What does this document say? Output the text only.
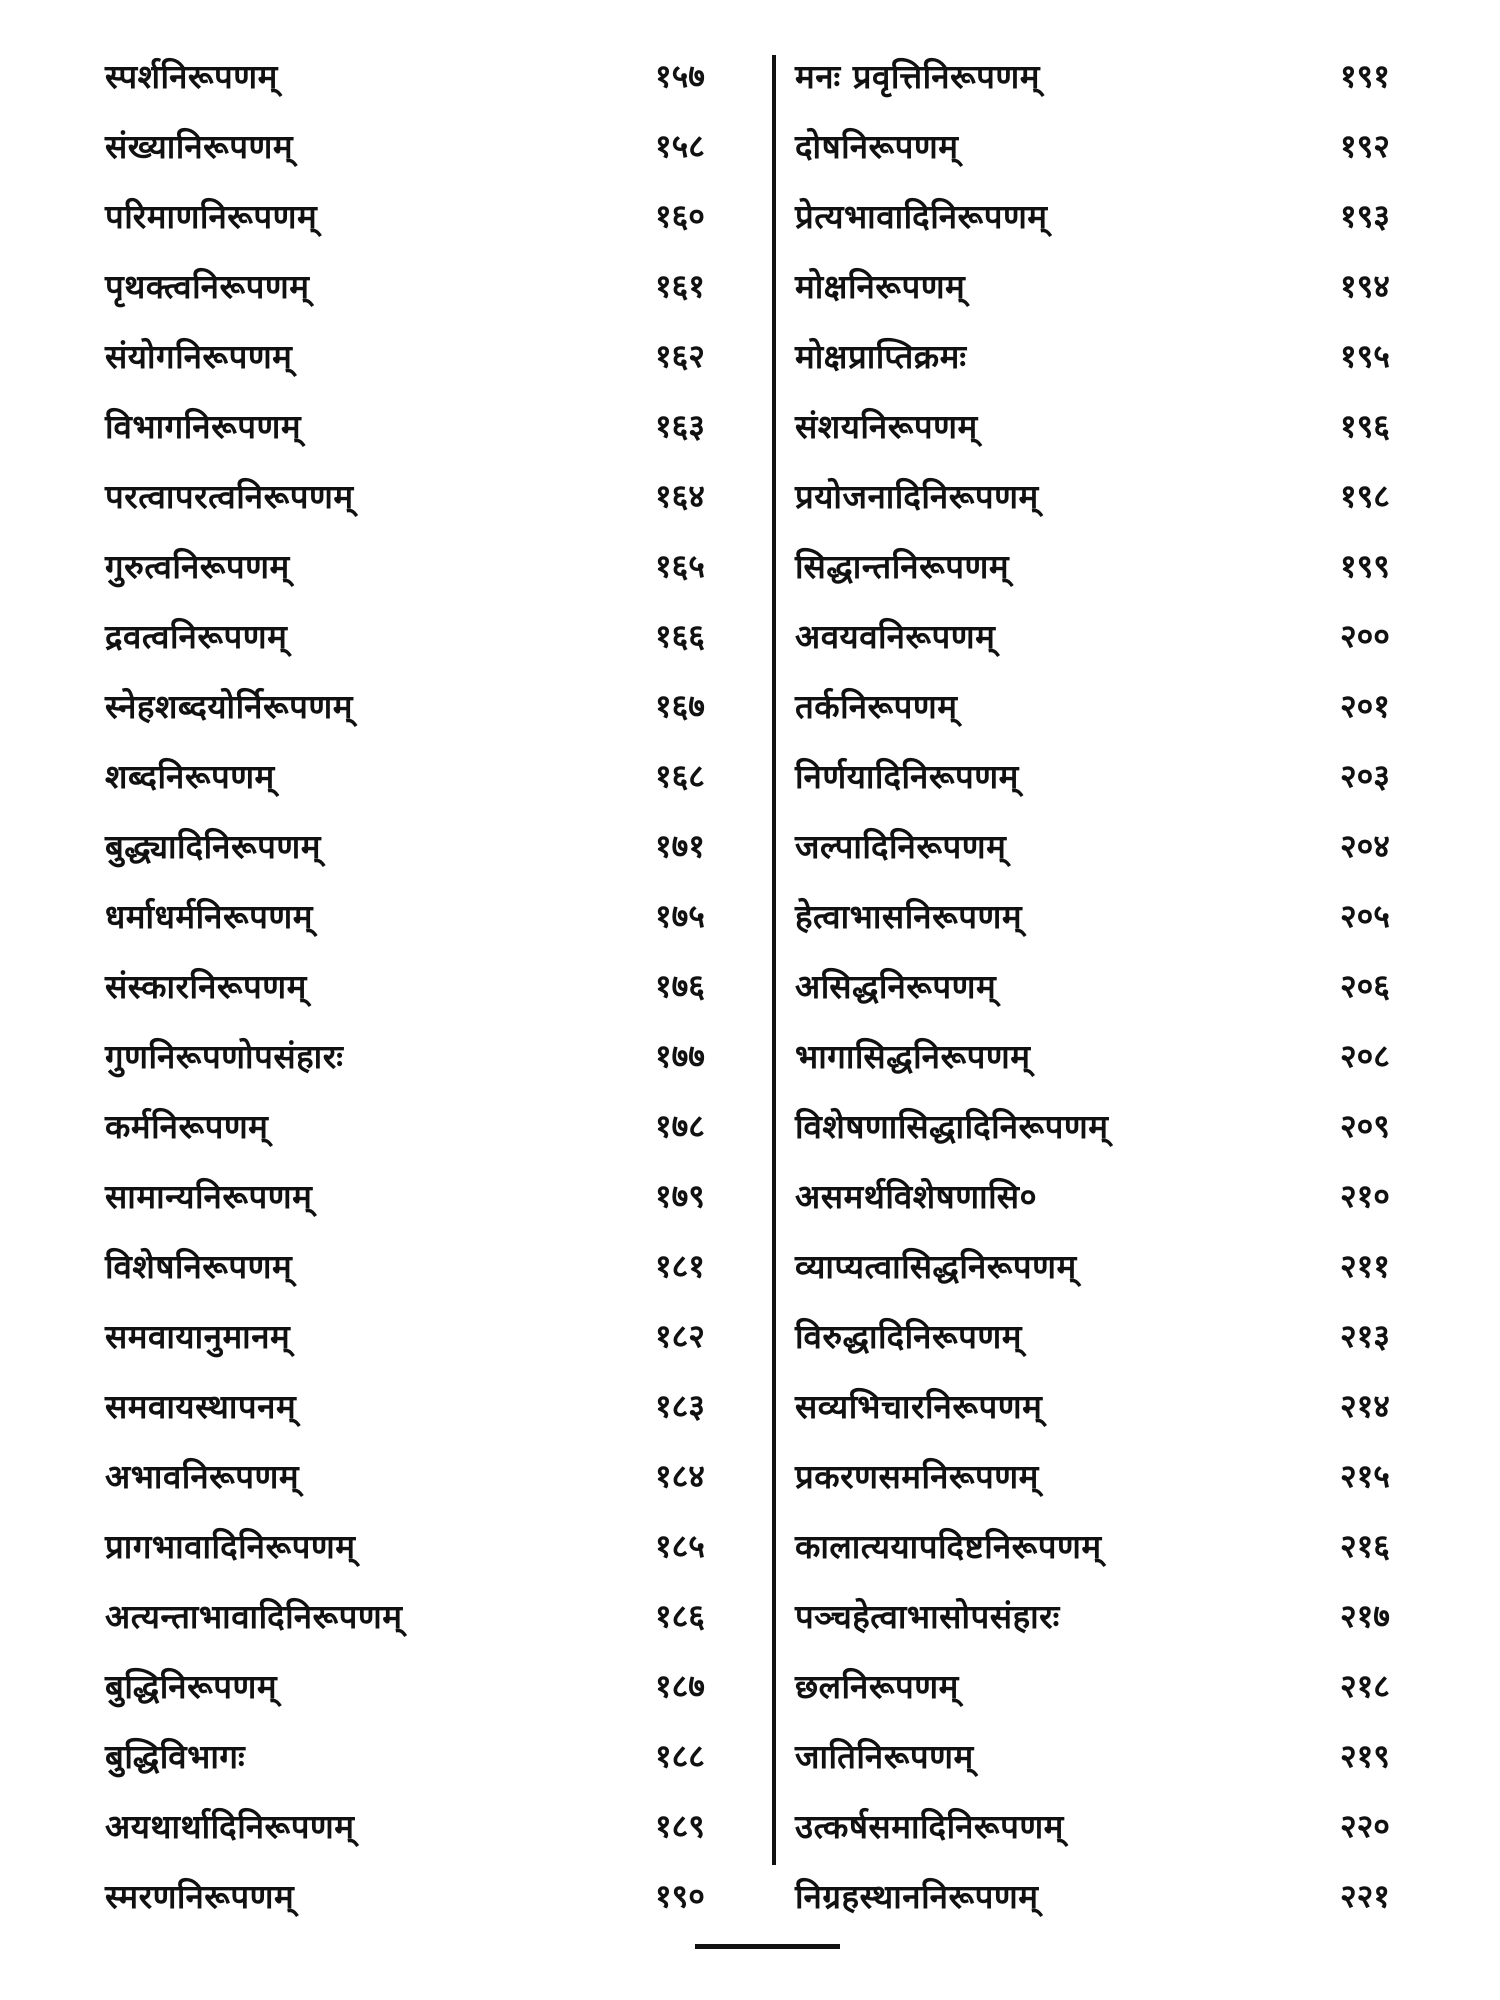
स्पर्शनिरूपणम्	१५७
संख्यानिरूपणम्	१५८
परिमाणनिरूपणम्	१६०
पृथक्त्वनिरूपणम्	१६१
संयोगनिरूपणम्	१६२
विभागनिरूपणम्	१६३
परत्वापरत्वनिरूपणम्	१६४
गुरुत्वनिरूपणम्	१६५
द्रवत्वनिरूपणम्	१६६
स्नेहशब्दयोर्निरूपणम्	१६७
शब्दनिरूपणम्	१६८
बुद्ध्यादिनिरूपणम्	१७१
धर्माधर्मनिरूपणम्	१७५
संस्कारनिरूपणम्	१७६
गुणनिरूपणोपसंहारः	१७७
कर्मनिरूपणम्	१७८
सामान्यनिरूपणम्	१७९
विशेषनिरूपणम्	१८१
समवायानुमानम्	१८२
समवायस्थापनम्	१८३
अभावनिरूपणम्	१८४
प्रागभावादिनिरूपणम्	१८५
अत्यन्ताभावादिनिरूपणम्	१८६
बुद्धिनिरूपणम्	१८७
बुद्धिविभागः	१८८
अयथार्थादिनिरूपणम्	१८९
स्मरणनिरूपणम्	१९०
मनः प्रवृत्तिनिरूपणम्	१९१
दोषनिरूपणम्	१९२
प्रेत्यभावादिनिरूपणम्	१९३
मोक्षनिरूपणम्	१९४
मोक्षप्राप्तिक्रमः	१९५
संशयनिरूपणम्	१९६
प्रयोजनादिनिरूपणम्	१९८
सिद्धान्तनिरूपणम्	१९९
अवयवनिरूपणम्	२००
तर्कनिरूपणम्	२०१
निर्णयादिनिरूपणम्	२०३
जल्पादिनिरूपणम्	२०४
हेत्वाभासनिरूपणम्	२०५
असिद्धनिरूपणम्	२०६
भागासिद्धनिरूपणम्	२०८
विशेषणासिद्धादिनिरूपणम्	२०९
असमर्थविशेषणासि०	२१०
व्याप्यत्वासिद्धनिरूपणम्	२११
विरुद्धादिनिरूपणम्	२१३
सव्यभिचारनिरूपणम्	२१४
प्रकरणसमनिरूपणम्	२१५
कालात्ययापदिष्टनिरूपणम्	२१६
पञ्चहेत्वाभासोपसंहारः	२१७
छलनिरूपणम्	२१८
जातिनिरूपणम्	२१९
उत्कर्षसमादिनिरूपणम्	२२०
निग्रहस्थाननिरूपणम्	२२१
